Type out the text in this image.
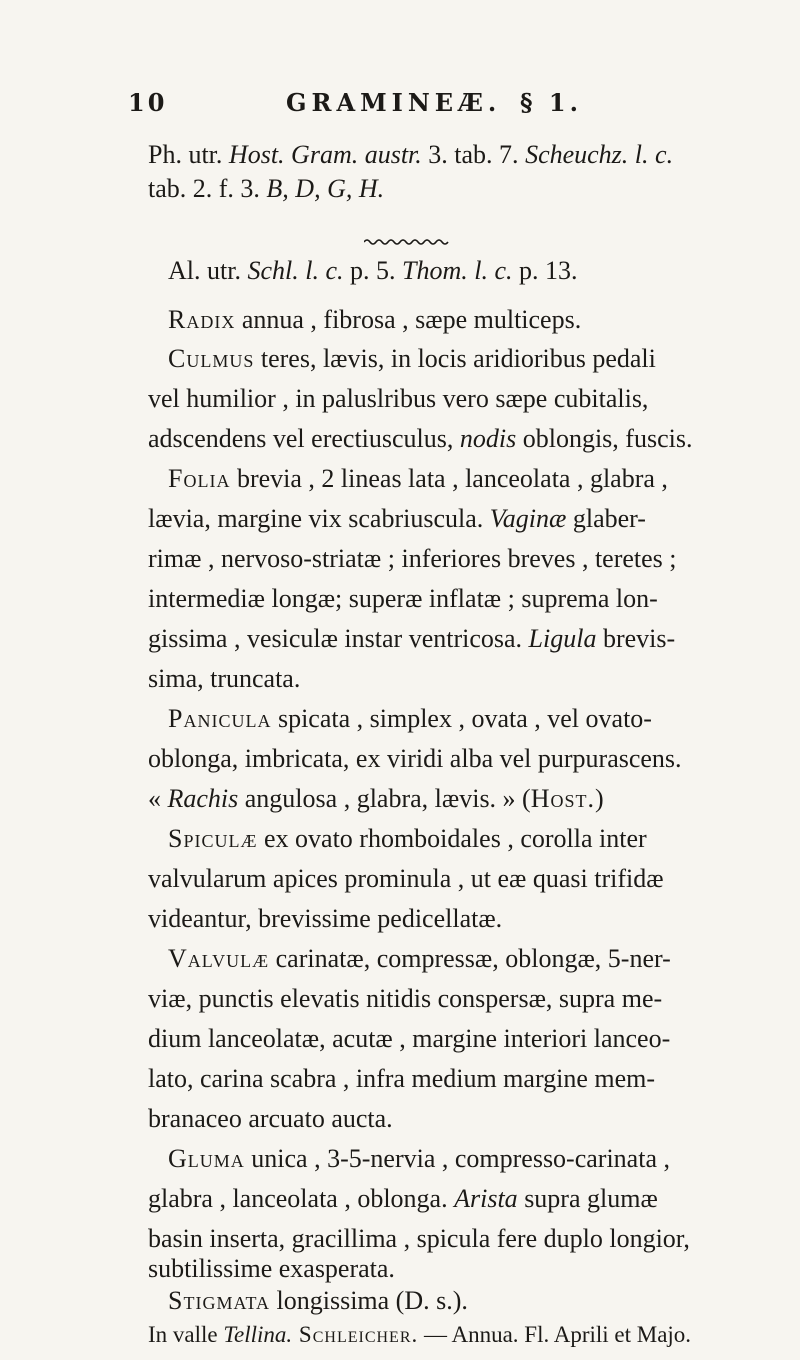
10	GRAMINEÆ. § 1.
Ph. utr. Host. Gram. austr. 3. tab. 7. Scheuchz. l. c.
tab. 2. f. 3. B, D, G, H.
Al. utr. Schl. l. c. p. 5. Thom. l. c. p. 13.
Radix annua , fibrosa , sæpe multiceps.
Culmus teres, lævis, in locis aridioribus pedali
vel humilior , in paluslribus vero sæpe cubitalis,
adscendens vel erectiusculus, nodis oblongis, fuscis.
Folia brevia , 2 lineas lata , lanceolata , glabra ,
lævia, margine vix scabriuscula. Vaginæ glaber-
rimæ , nervoso-striatæ ; inferiores breves , teretes ;
intermediæ longæ; superæ inflatæ ; suprema lon-
gissima , vesiculæ instar ventricosa. Ligula brevis-
sima, truncata.
Panicula spicata , simplex , ovata , vel ovato-
oblonga, imbricata, ex viridi alba vel purpurascens.
« Rachis angulosa , glabra, lævis. » (Host.)
Spiculæ ex ovato rhomboidales , corolla inter
valvularum apices prominula , ut eæ quasi trifidæ
videantur, brevissime pedicellatæ.
Valvulæ carinatæ, compressæ, oblongæ, 5-ner-
viæ, punctis elevatis nitidis conspersæ, supra me-
dium lanceolatæ, acutæ , margine interiori lanceo-
lato, carina scabra , infra medium margine mem-
branaceo arcuato aucta.
Gluma unica , 3-5-nervia , compresso-carinata ,
glabra , lanceolata , oblonga. Arista supra glumæ
In valle Tellina. Schleicher. — Annua. Fl. Aprili et Majo.
basin inserta, gracillima , spicula fere duplo longior,
subtilissime exasperata.
Stigmata longissima (D. s.).
